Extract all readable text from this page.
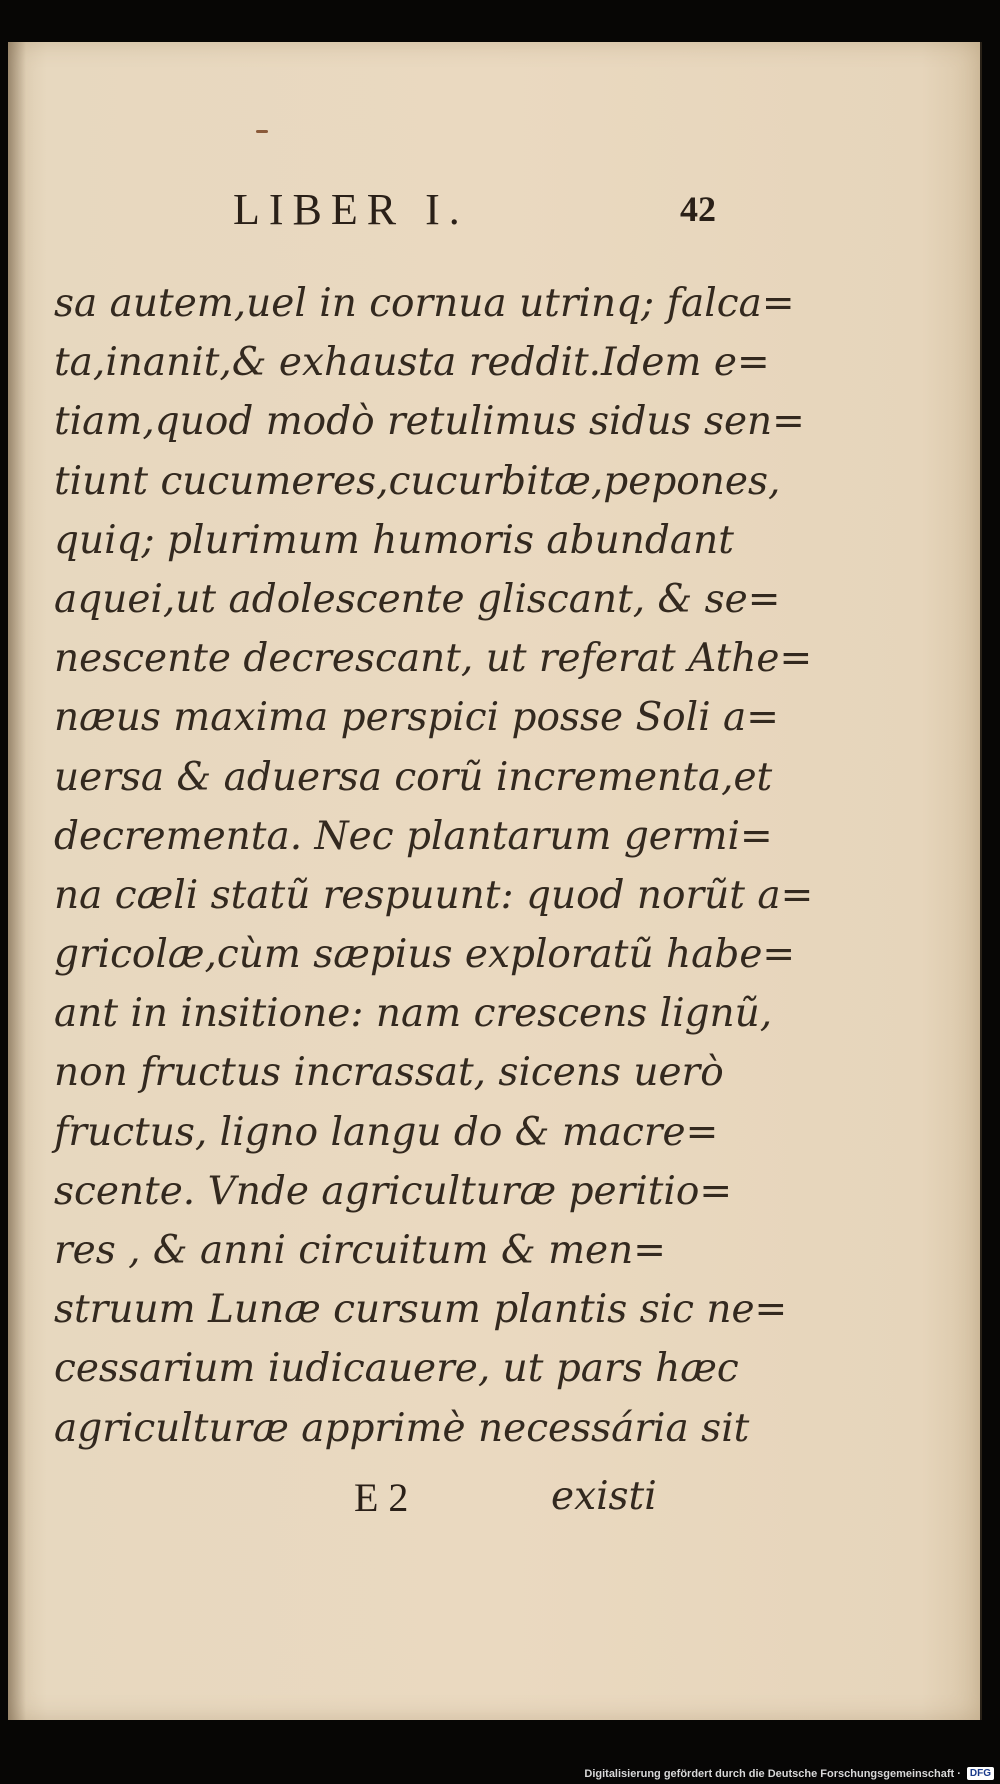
LIBER I.	42
sa autem,uel in cornua utrinq; falca=
ta,inanit,& exhausta reddit.Idem e=
tiam,quod modò retulimus sidus sen=
tiunt cucumeres,cucurbitæ,pepones,
quiq; plurimum humoris abundant
aquei,ut adolescente gliscant, & se=
nescente decrescant, ut referat Athe=
næus maxima perspici posse Soli a=
uersa & aduersa corũ incrementa,et
decrementa. Nec plantarum germi=
na cæli statũ respuunt: quod norũt a=
gricolæ,cùm sæpius exploratũ habe=
ant in insitione: nam crescens lignũ,
non fructus incrassat, sicens uerò
fructus, ligno langu do & macre=
scente. Vnde agriculturæ peritio=
res , & anni circuitum & men=
struum Lunæ cursum plantis sic ne=
cessarium iudicauere, ut pars hæc
agriculturæ apprimè necessária sit
E 2	existi
Digitalisierung gefördert durch die Deutsche Forschungsgemeinschaft · DFG
